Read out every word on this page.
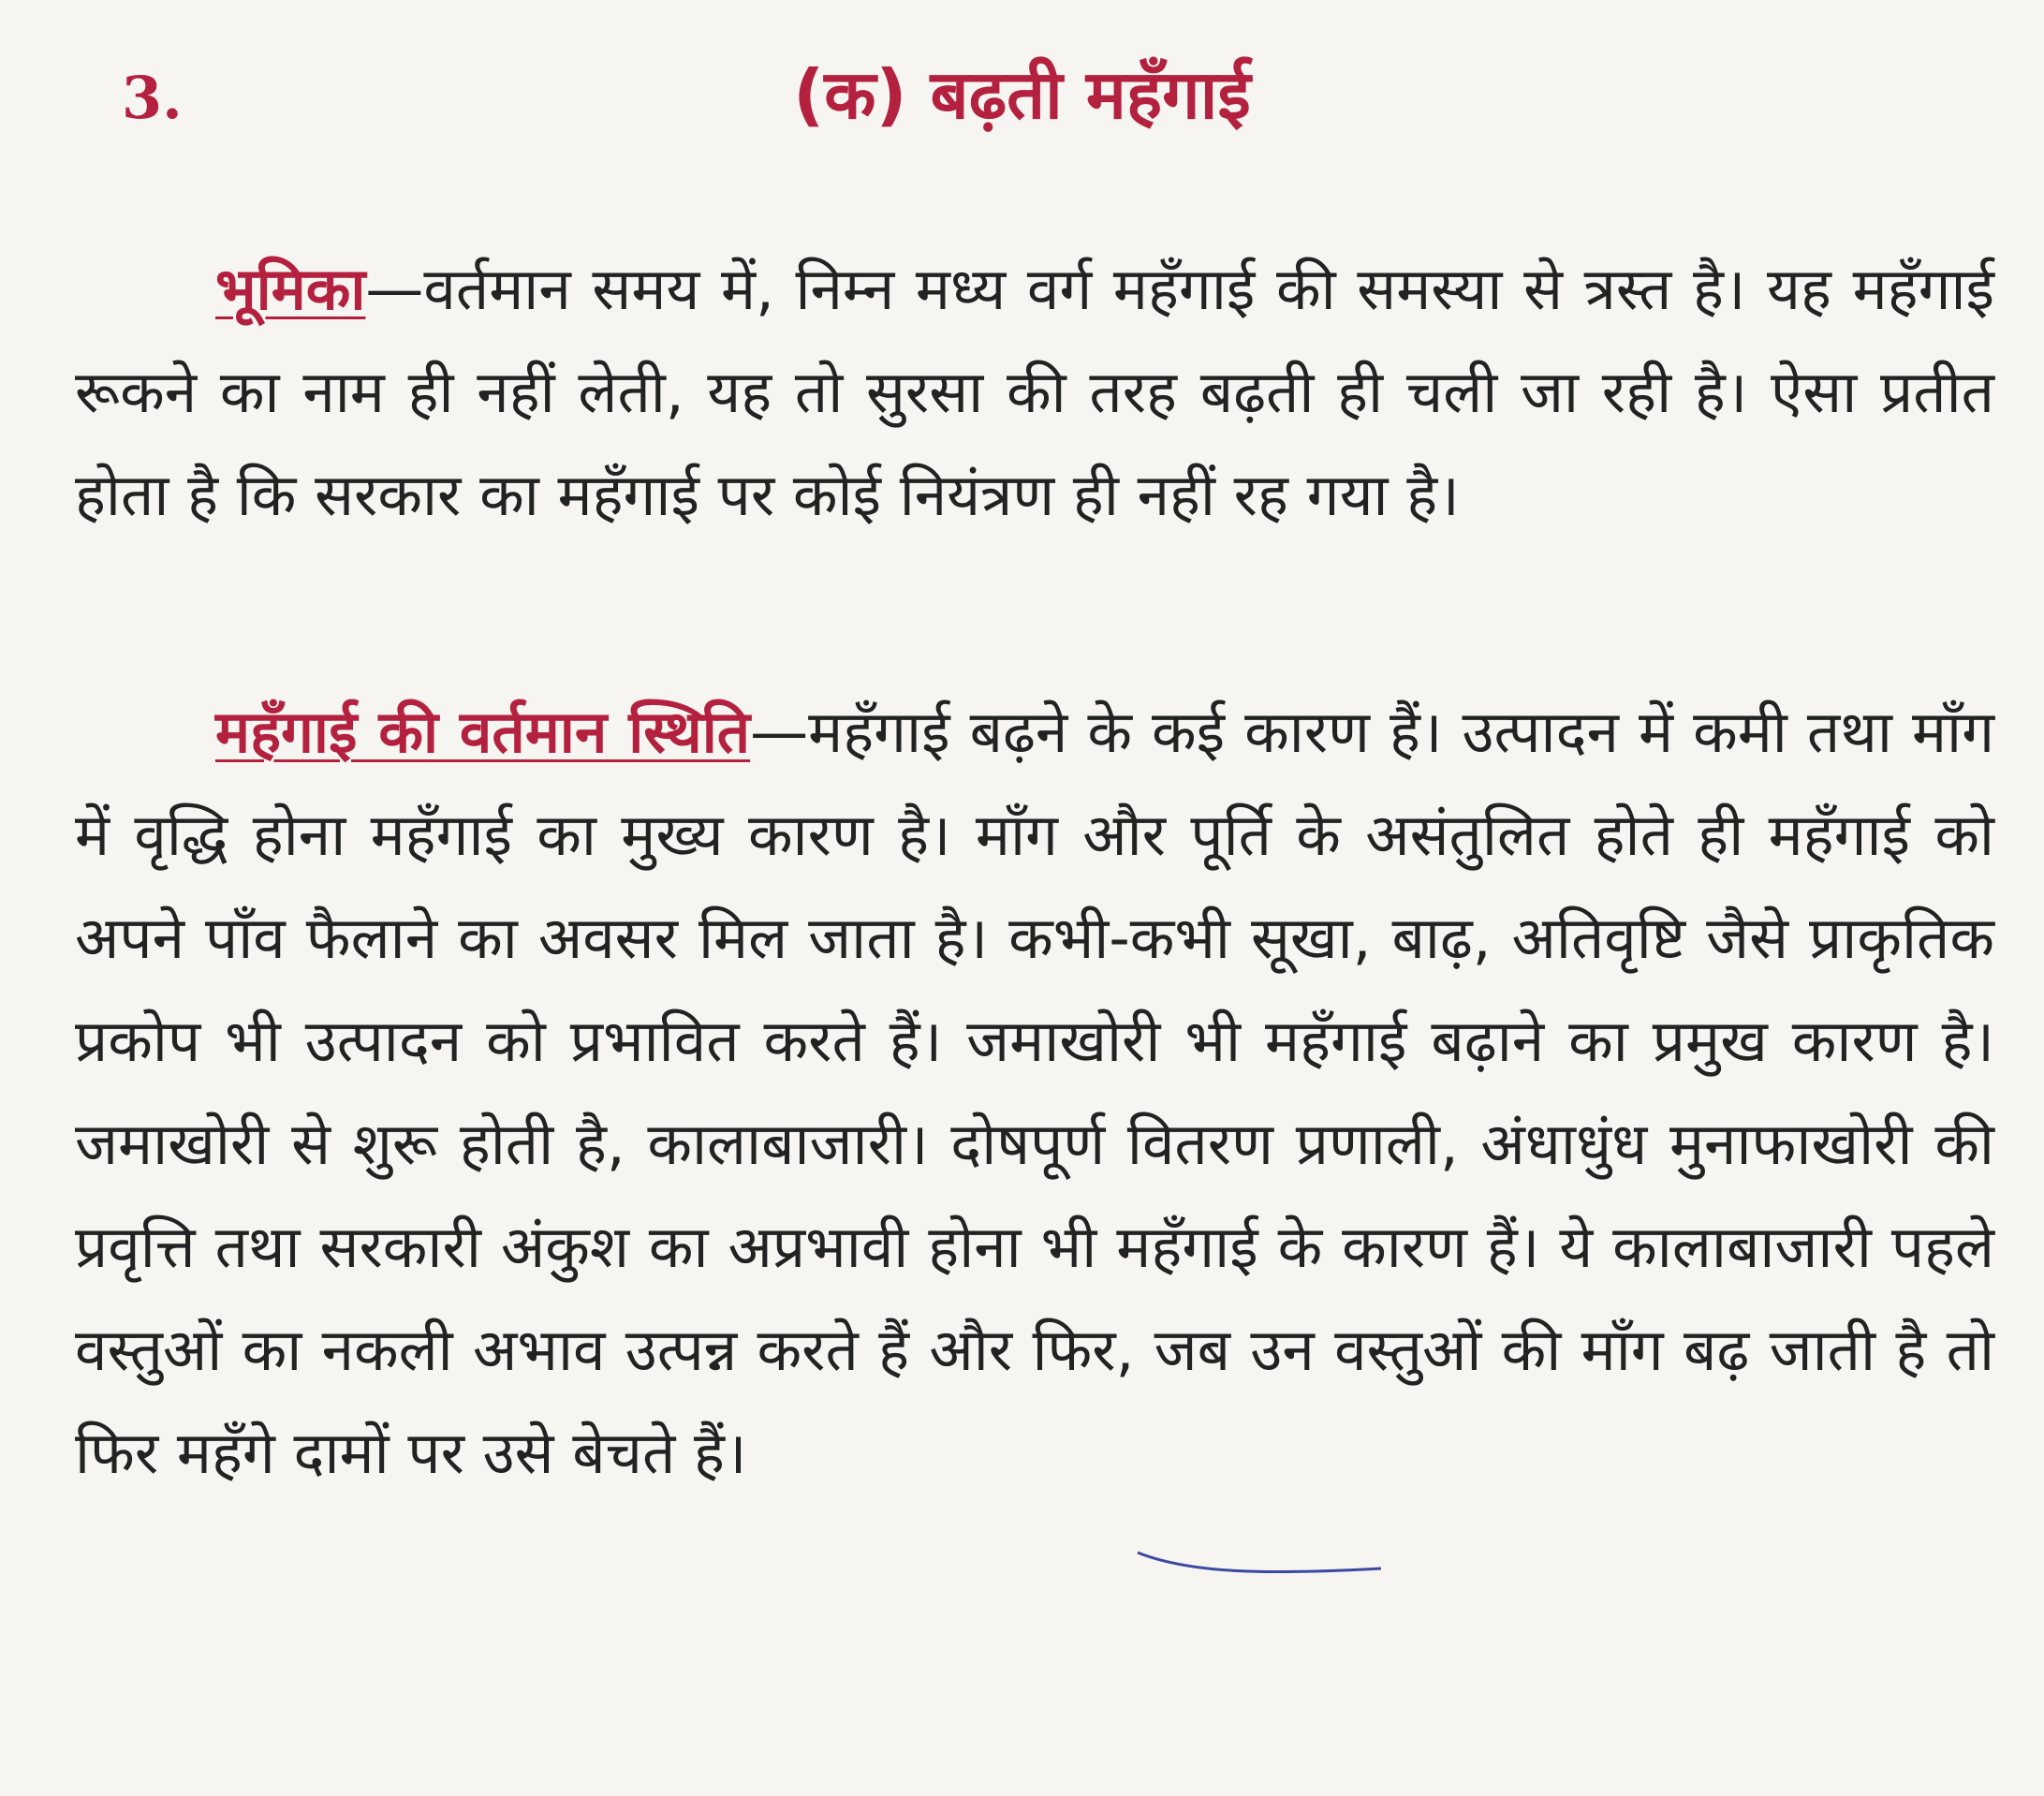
3.	(क) बढ़ती महँगाई

भूमिका—वर्तमान समय में, निम्न मध्य वर्ग महँगाई की समस्या से त्रस्त है। यह महँगाई रूकने का नाम ही नहीं लेती, यह तो सुरसा की तरह बढ़ती ही चली जा रही है। ऐसा प्रतीत होता है कि सरकार का महँगाई पर कोई नियंत्रण ही नहीं रह गया है।

महँगाई की वर्तमान स्थिति—महँगाई बढ़ने के कई कारण हैं। उत्पादन में कमी तथा माँग में वृद्धि होना महँगाई का मुख्य कारण है। माँग और पूर्ति के असंतुलित होते ही महँगाई को अपने पाँव फैलाने का अवसर मिल जाता है। कभी-कभी सूखा, बाढ़, अतिवृष्टि जैसे प्राकृतिक प्रकोप भी उत्पादन को प्रभावित करते हैं। जमाखोरी भी महँगाई बढ़ाने का प्रमुख कारण है। जमाखोरी से शुरू होती है, कालाबाजारी। दोषपूर्ण वितरण प्रणाली, अंधाधुंध मुनाफाखोरी की प्रवृत्ति तथा सरकारी अंकुश का अप्रभावी होना भी महँगाई के कारण हैं। ये कालाबाजारी पहले वस्तुओं का नकली अभाव उत्पन्न करते हैं और फिर, जब उन वस्तुओं की माँग बढ़ जाती है तो फिर महँगे दामों पर उसे बेचते हैं।
